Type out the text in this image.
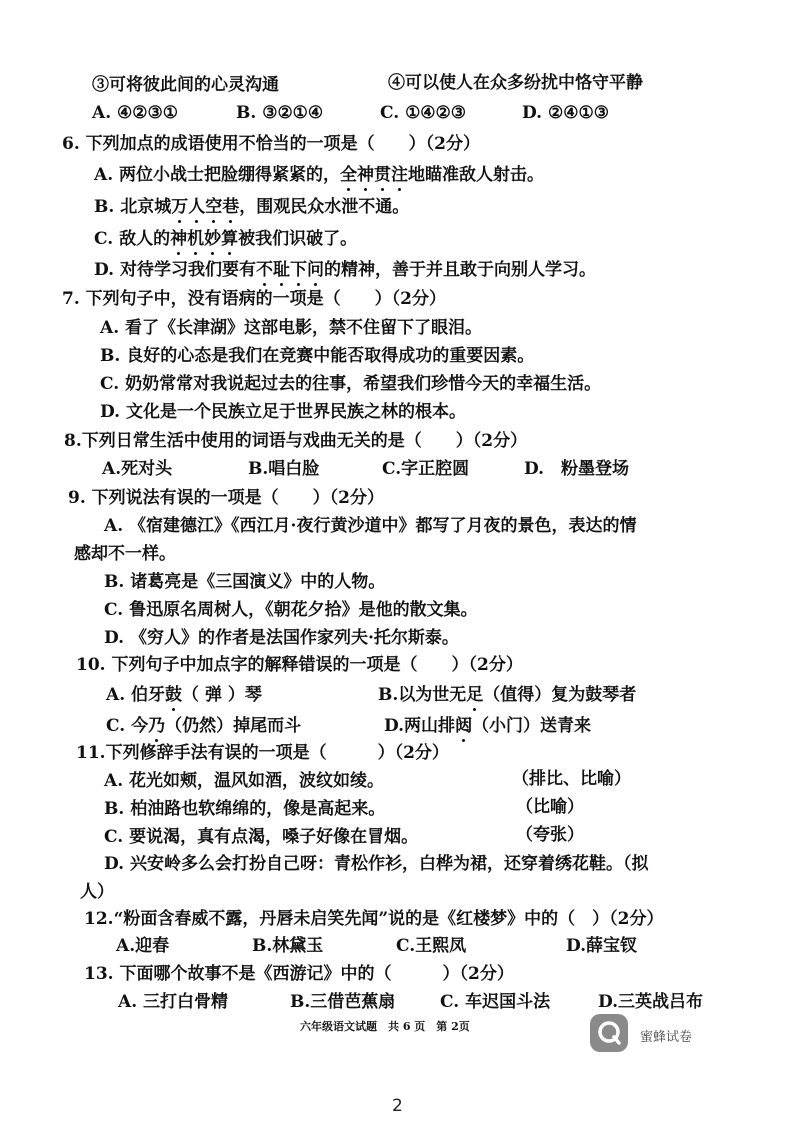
③可将彼此间的心灵沟通	④可以使人在众多纷扰中恪守平静
A. ④②③①	B. ③②①④	C. ①④②③	D. ②④①③
6. 下列加点的成语使用不恰当的一项是（　　）（2分）
A. 两位小战士把脸绷得紧紧的，全神贯注地瞄准敌人射击。
B. 北京城万人空巷，围观民众水泄不通。
C. 敌人的神机妙算被我们识破了。
D. 对待学习我们要有不耻下问的精神，善于并且敢于向别人学习。
7. 下列句子中，没有语病的一项是（　　）（2分）
A. 看了《长津湖》这部电影，禁不住留下了眼泪。
B. 良好的心态是我们在竞赛中能否取得成功的重要因素。
C. 奶奶常常对我说起过去的往事，希望我们珍惜今天的幸福生活。
D. 文化是一个民族立足于世界民族之林的根本。
8.下列日常生活中使用的词语与戏曲无关的是（　　）（2分）
A.死对头	B.唱白脸	C.字正腔圆	D.　粉墨登场
9. 下列说法有误的一项是（　　）（2分）
A. 《宿建德江》《西江月·夜行黄沙道中》都写了月夜的景色，表达的情
感却不一样。
B. 诸葛亮是《三国演义》中的人物。
C. 鲁迅原名周树人，《朝花夕拾》是他的散文集。
D. 《穷人》的作者是法国作家列夫·托尔斯泰。
10. 下列句子中加点字的解释错误的一项是（　　）（2分）
A. 伯牙鼓（ 弹 ）琴	B.以为世无足（值得）复为鼓琴者
C. 今乃（仍然）掉尾而斗	D.两山排闼（小门）送青来
11.下列修辞手法有误的一项是（　　　）（2分）
A. 花光如颊，温风如酒，波纹如绫。	（排比、比喻）
B. 柏油路也软绵绵的，像是高起来。	（比喻）
C. 要说渴，真有点渴，嗓子好像在冒烟。	（夸张）
D. 兴安岭多么会打扮自己呀：青松作衫，白桦为裙，还穿着绣花鞋。（拟
人）
12.“粉面含春威不露，丹唇未启笑先闻”说的是《红楼梦》中的（　）（2分）
A.迎春	B.林黛玉	C.王熙凤	D.薛宝钗
13. 下面哪个故事不是《西游记》中的（　　　）（2分）
A. 三打白骨精	B.三借芭蕉扇	C. 车迟国斗法	D.三英战吕布
六年级语文试题　共 6 页　第 2页
蜜蜂试卷
2
